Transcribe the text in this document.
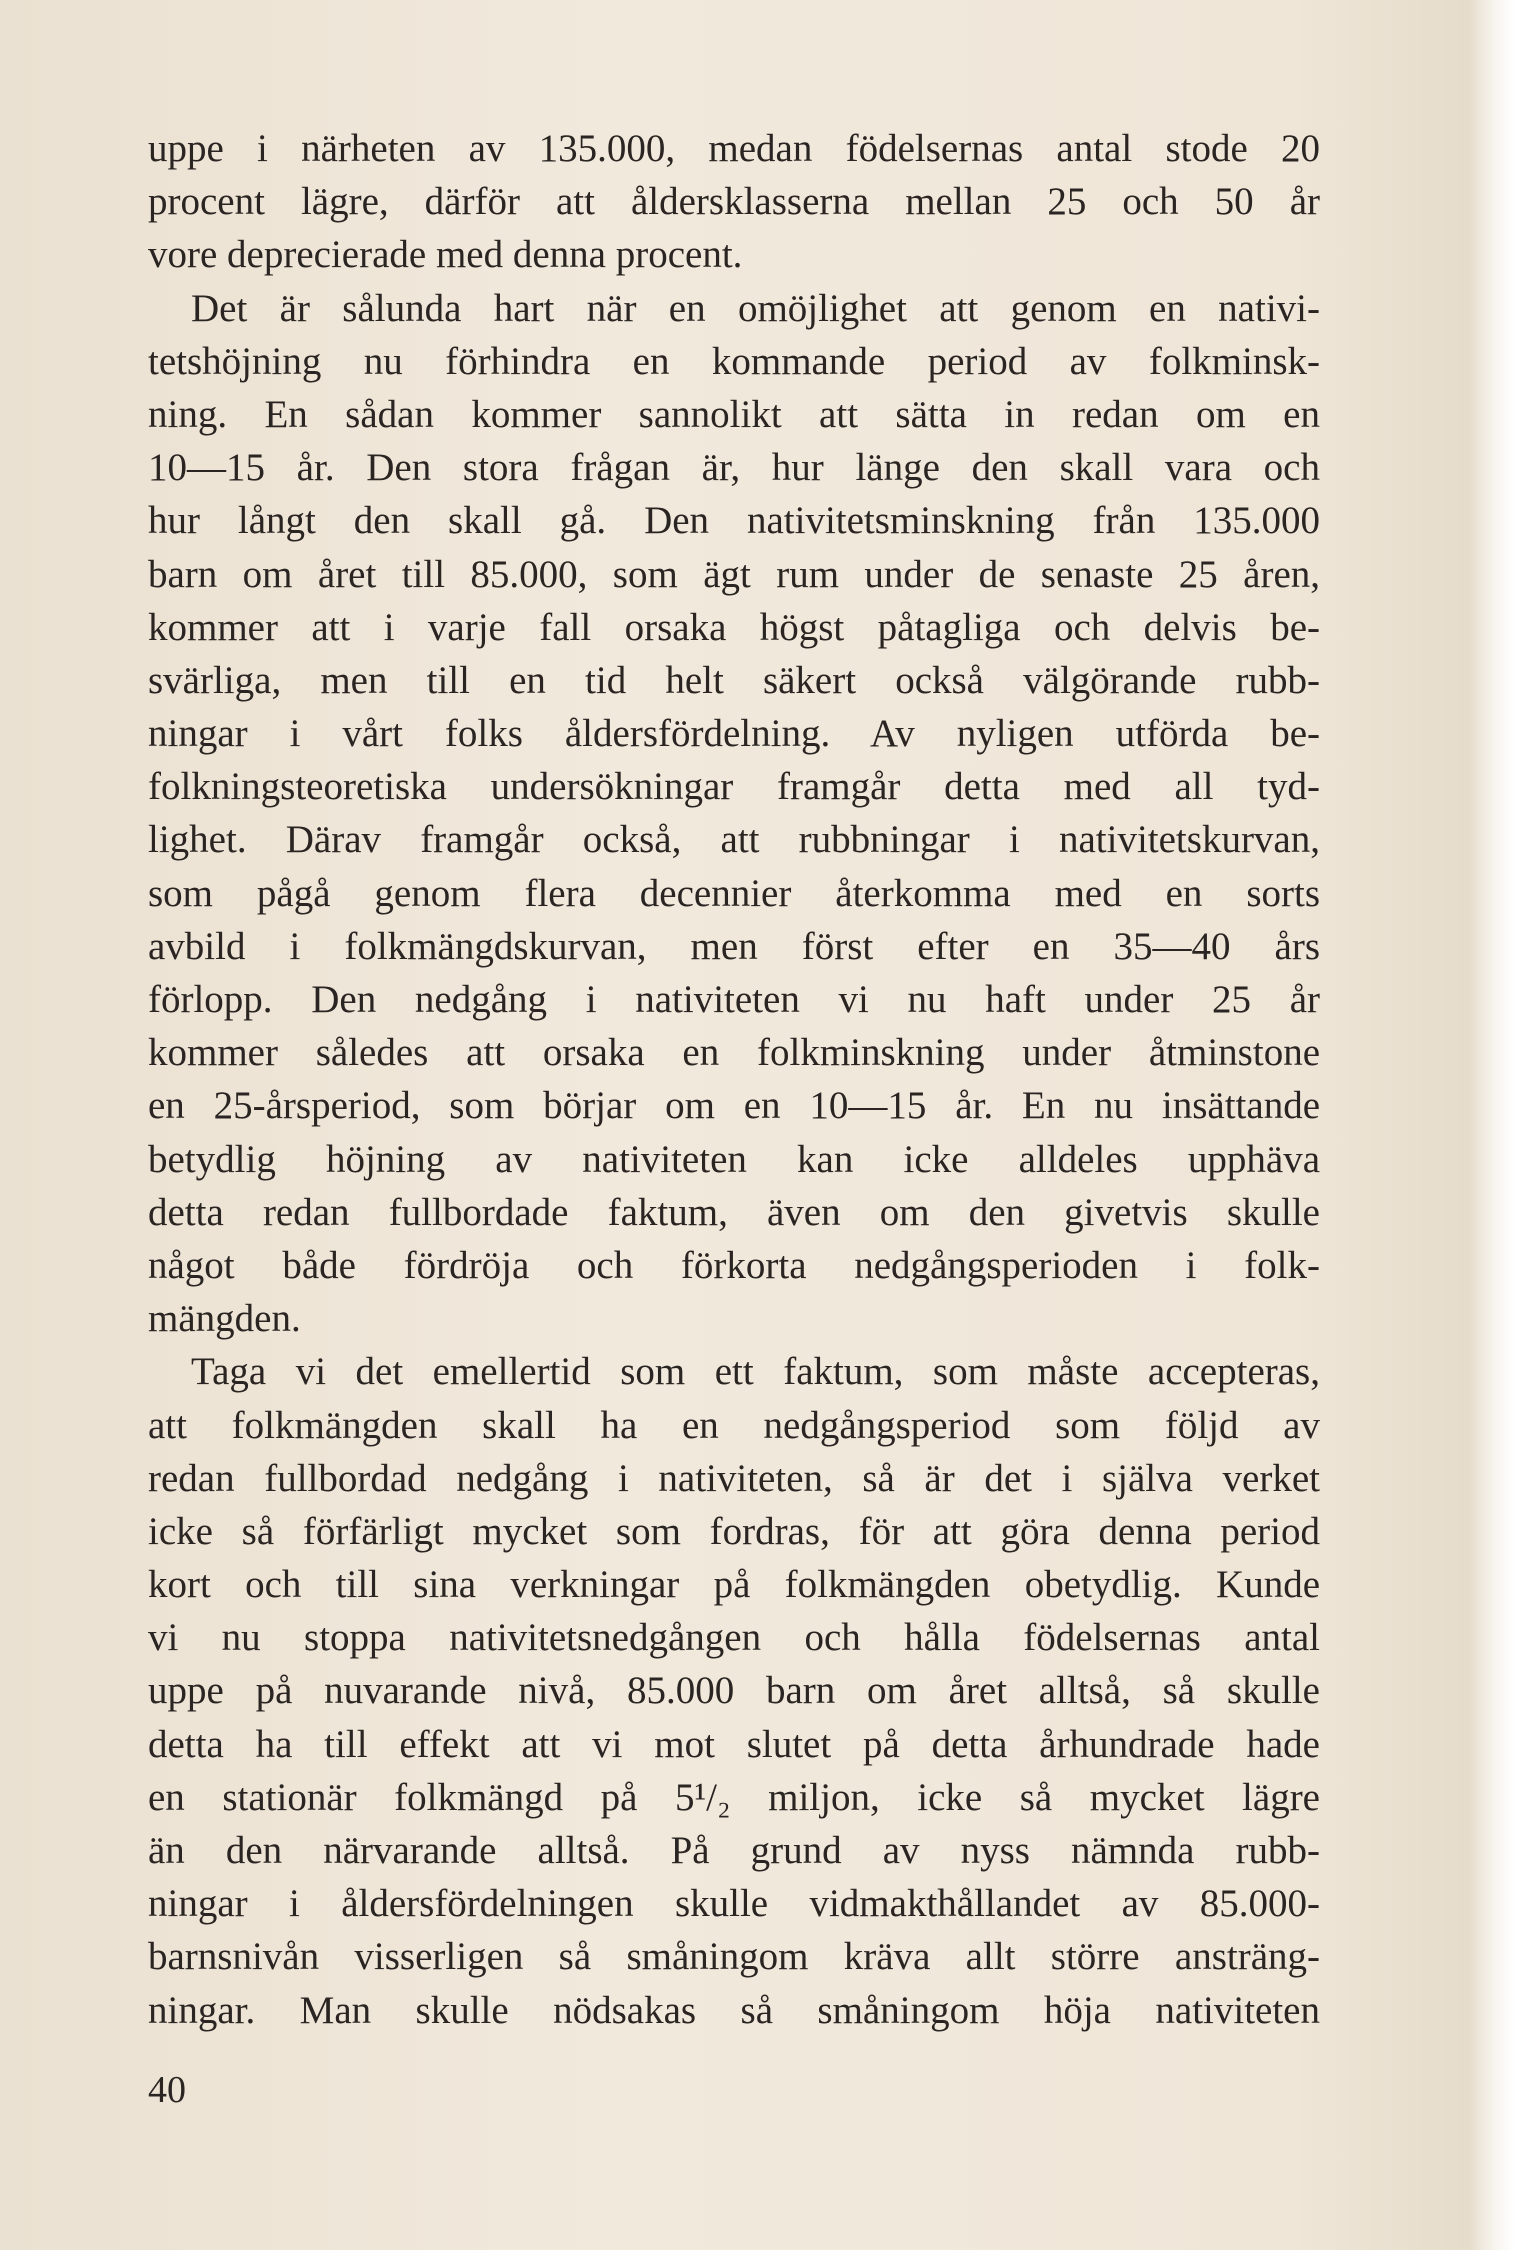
uppe i närheten av 135.000, medan födelsernas antal stode 20
procent lägre, därför att åldersklasserna mellan 25 och 50 år
vore deprecierade med denna procent.
Det är sålunda hart när en omöjlighet att genom en nativi-
tetshöjning nu förhindra en kommande period av folkminsk-
ning. En sådan kommer sannolikt att sätta in redan om en
10—15 år. Den stora frågan är, hur länge den skall vara och
hur långt den skall gå. Den nativitetsminskning från 135.000
barn om året till 85.000, som ägt rum under de senaste 25 åren,
kommer att i varje fall orsaka högst påtagliga och delvis be-
svärliga, men till en tid helt säkert också välgörande rubb-
ningar i vårt folks åldersfördelning. Av nyligen utförda be-
folkningsteoretiska undersökningar framgår detta med all tyd-
lighet. Därav framgår också, att rubbningar i nativitetskurvan,
som pågå genom flera decennier återkomma med en sorts
avbild i folkmängdskurvan, men först efter en 35—40 års
förlopp. Den nedgång i nativiteten vi nu haft under 25 år
kommer således att orsaka en folkminskning under åtminstone
en 25-årsperiod, som börjar om en 10—15 år. En nu insättande
betydlig höjning av nativiteten kan icke alldeles upphäva
detta redan fullbordade faktum, även om den givetvis skulle
något både fördröja och förkorta nedgångsperioden i folk-
mängden.
Taga vi det emellertid som ett faktum, som måste accepteras,
att folkmängden skall ha en nedgångsperiod som följd av
redan fullbordad nedgång i nativiteten, så är det i själva verket
icke så förfärligt mycket som fordras, för att göra denna period
kort och till sina verkningar på folkmängden obetydlig. Kunde
vi nu stoppa nativitetsnedgången och hålla födelsernas antal
uppe på nuvarande nivå, 85.000 barn om året alltså, så skulle
detta ha till effekt att vi mot slutet på detta århundrade hade
en stationär folkmängd på 5¹/₂ miljon, icke så mycket lägre
än den närvarande alltså. På grund av nyss nämnda rubb-
ningar i åldersfördelningen skulle vidmakthållandet av 85.000-
barnsnivån visserligen så småningom kräva allt större ansträng-
ningar. Man skulle nödsakas så småningom höja nativiteten
40
